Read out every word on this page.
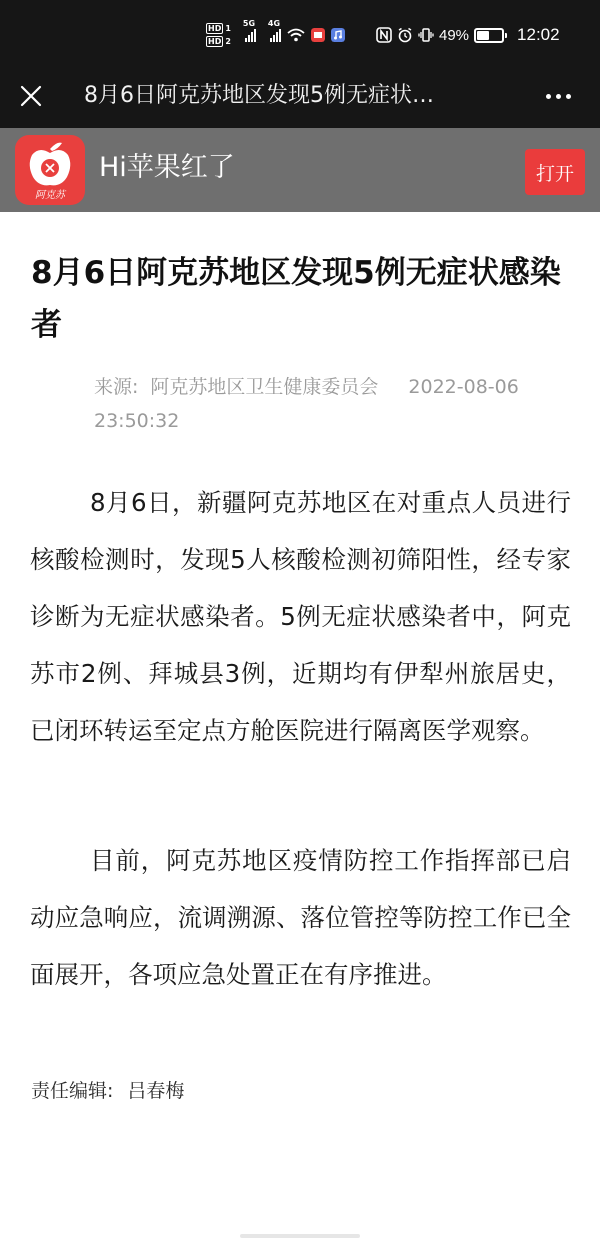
HD 1
HD 2
5G 4G
49%	12:02
8月6日阿克苏地区发现5例无症状…
阿克苏
Hi苹果红了	打开
8月6日阿克苏地区发现5例无症状感染者
来源: 阿克苏地区卫生健康委员会 2022-08-06 23:50:32

8月6日，新疆阿克苏地区在对重点人员进行核酸检测时，发现5人核酸检测初筛阳性，经专家诊断为无症状感染者。5例无症状感染者中，阿克苏市2例、拜城县3例，近期均有伊犁州旅居史，已闭环转运至定点方舱医院进行隔离医学观察。

目前，阿克苏地区疫情防控工作指挥部已启动应急响应，流调溯源、落位管控等防控工作已全面展开，各项应急处置正在有序推进。

责任编辑: 吕春梅
